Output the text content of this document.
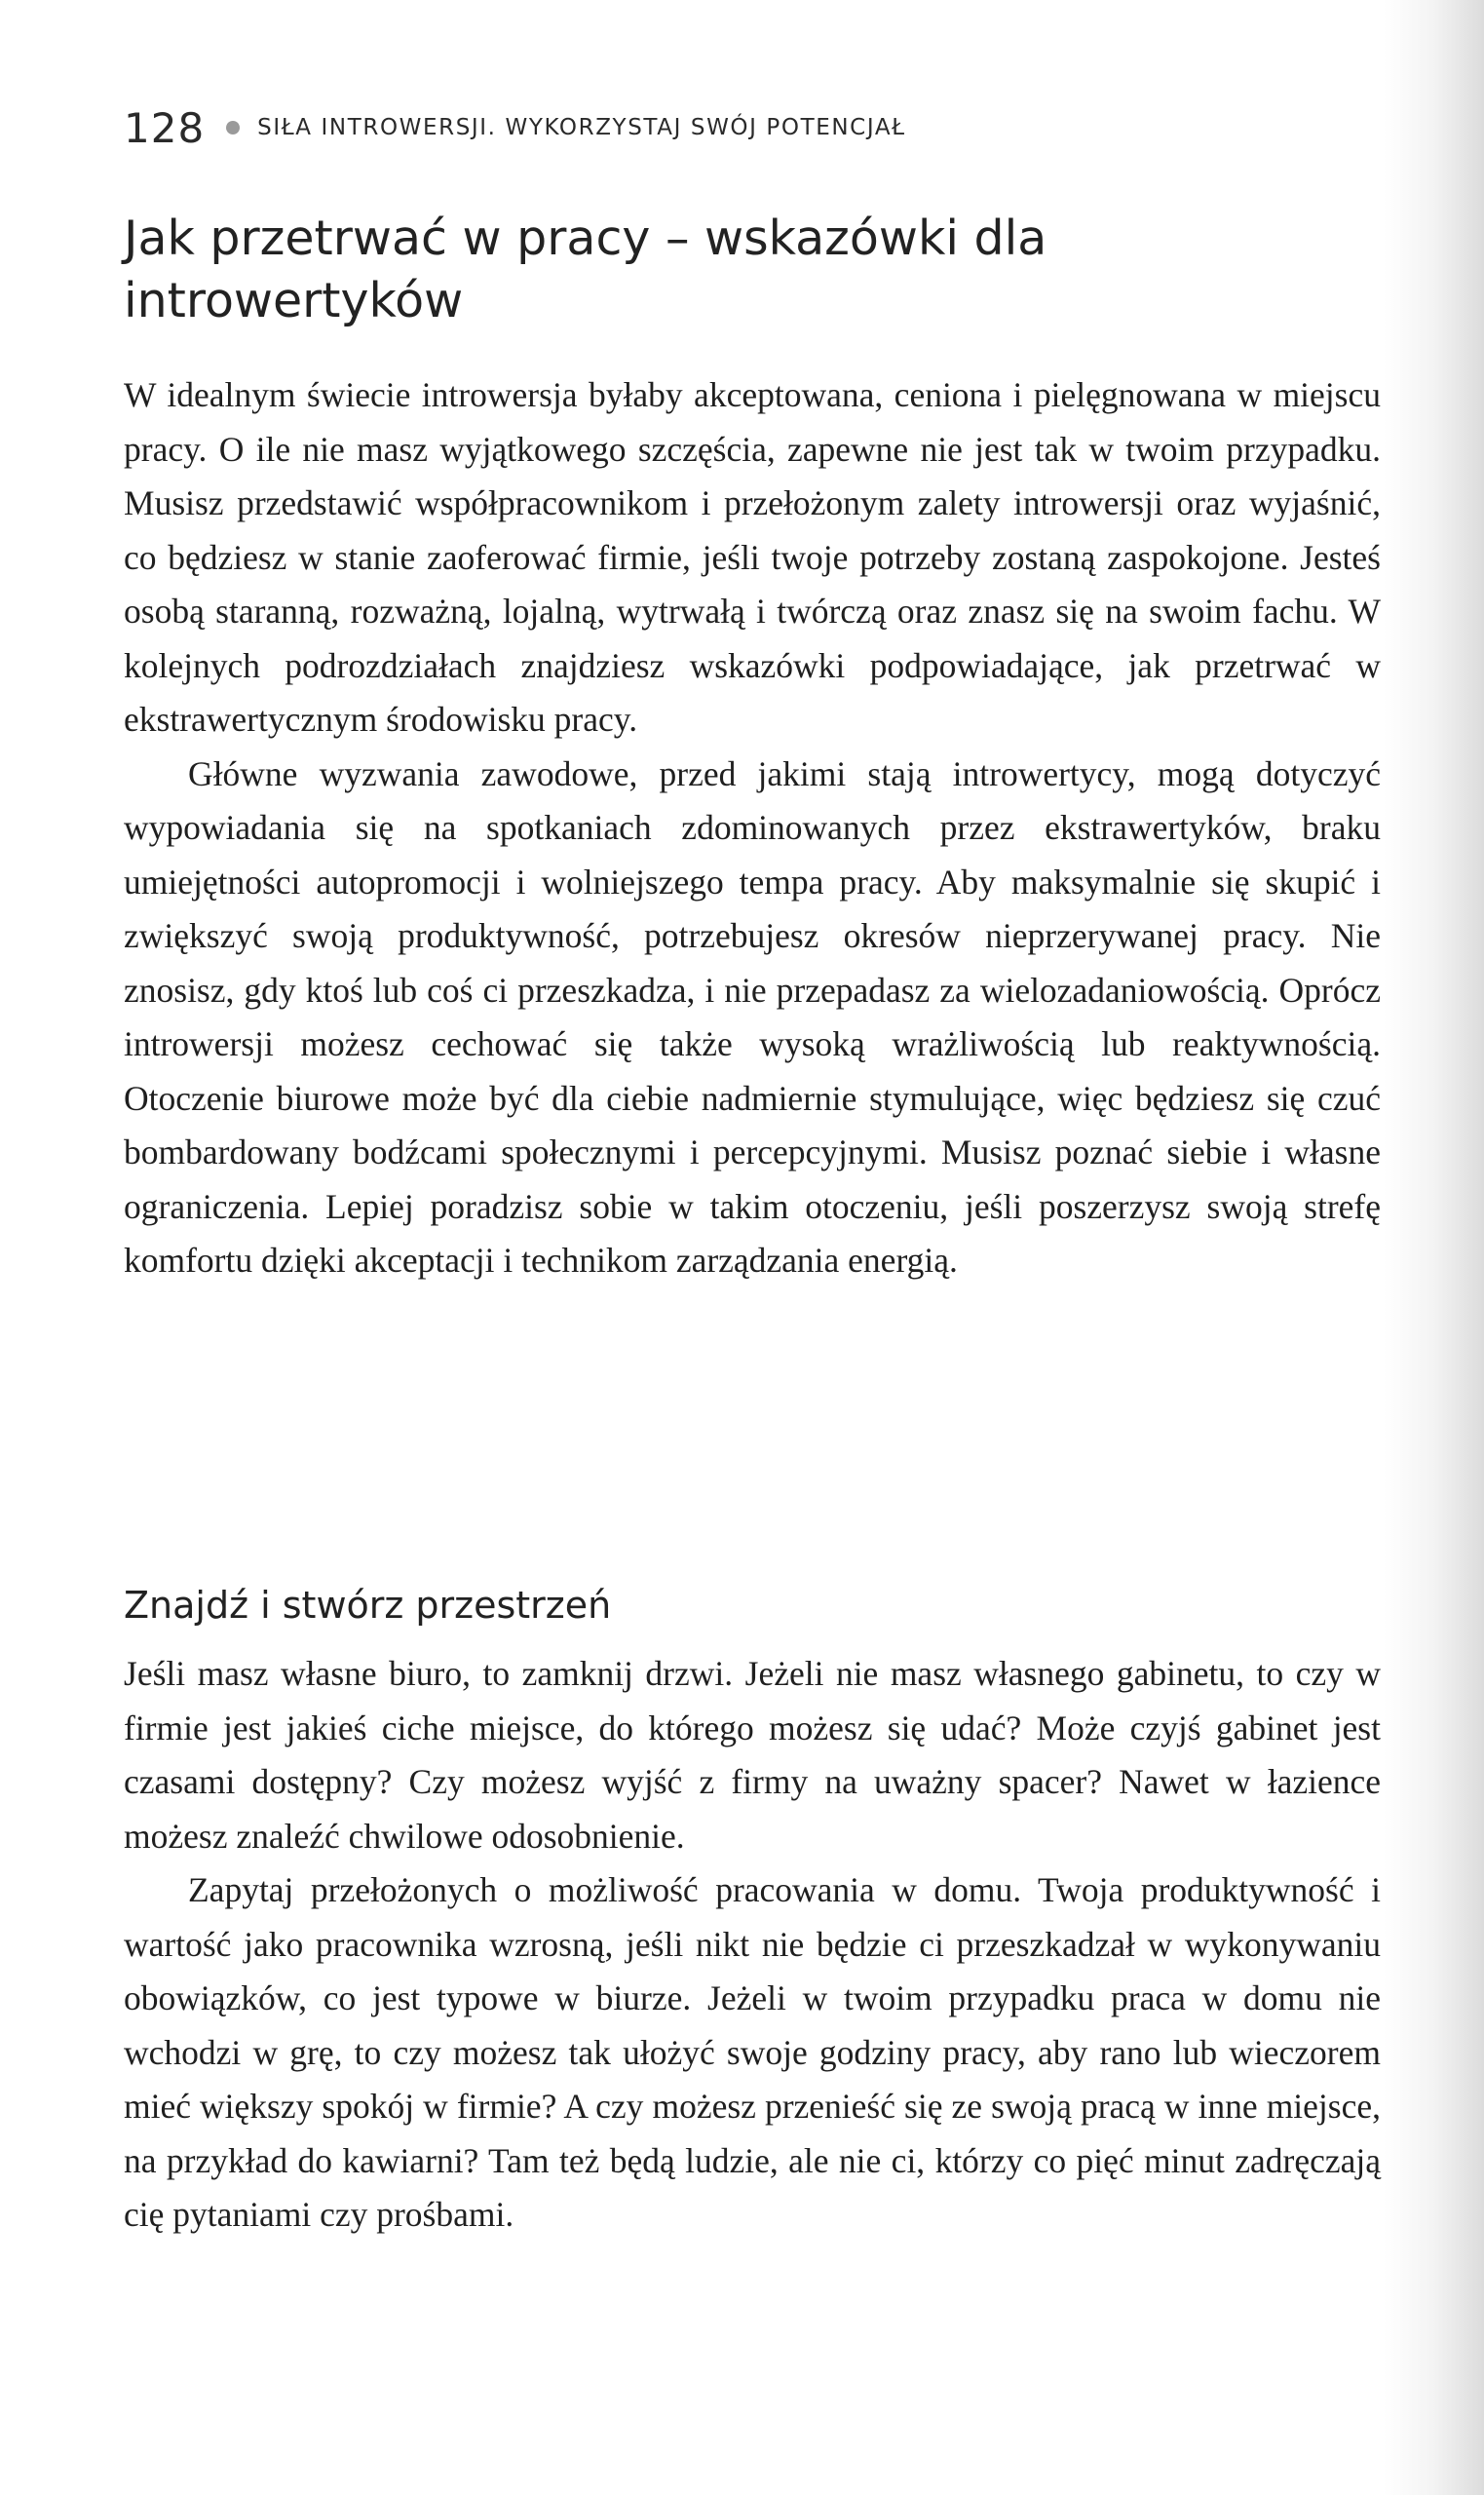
128 SIŁA INTROWERSJI. WYKORZYSTAJ SWÓJ POTENCJAŁ
Jak przetrwać w pracy – wskazówki dla introwertyków

W idealnym świecie introwersja byłaby akceptowana, ceniona i pielęgnowana w miejscu pracy. O ile nie masz wyjątkowego szczęścia, zapewne nie jest tak w twoim przypadku. Musisz przedstawić współpracownikom i przełożonym zalety introwersji oraz wyjaśnić, co będziesz w stanie zaoferować firmie, jeśli twoje potrzeby zostaną zaspokojone. Jesteś osobą staranną, rozważną, lojalną, wytrwałą i twórczą oraz znasz się na swoim fachu. W kolejnych podrozdziałach znajdziesz wskazówki podpowiadające, jak przetrwać w ekstrawertycznym środowisku pracy.

Główne wyzwania zawodowe, przed jakimi stają introwertycy, mogą dotyczyć wypowiadania się na spotkaniach zdominowanych przez ekstrawertyków, braku umiejętności autopromocji i wolniejszego tempa pracy. Aby maksymalnie się skupić i zwiększyć swoją produktywność, potrzebujesz okresów nieprzerywanej pracy. Nie znosisz, gdy ktoś lub coś ci przeszkadza, i nie przepadasz za wielozadaniowością. Oprócz introwersji możesz cechować się także wysoką wrażliwością lub reaktywnością. Otoczenie biurowe może być dla ciebie nadmiernie stymulujące, więc będziesz się czuć bombardowany bodźcami społecznymi i percepcyjnymi. Musisz poznać siebie i własne ograniczenia. Lepiej poradzisz sobie w takim otoczeniu, jeśli poszerzysz swoją strefę komfortu dzięki akceptacji i technikom zarządzania energią.

Znajdź i stwórz przestrzeń

Jeśli masz własne biuro, to zamknij drzwi. Jeżeli nie masz własnego gabinetu, to czy w firmie jest jakieś ciche miejsce, do którego możesz się udać? Może czyjś gabinet jest czasami dostępny? Czy możesz wyjść z firmy na uważny spacer? Nawet w łazience możesz znaleźć chwilowe odosobnienie.

Zapytaj przełożonych o możliwość pracowania w domu. Twoja produktywność i wartość jako pracownika wzrosną, jeśli nikt nie będzie ci przeszkadzał w wykonywaniu obowiązków, co jest typowe w biurze. Jeżeli w twoim przypadku praca w domu nie wchodzi w grę, to czy możesz tak ułożyć swoje godziny pracy, aby rano lub wieczorem mieć większy spokój w firmie? A czy możesz przenieść się ze swoją pracą w inne miejsce, na przykład do kawiarni? Tam też będą ludzie, ale nie ci, którzy co pięć minut zadręczają cię pytaniami czy prośbami.
